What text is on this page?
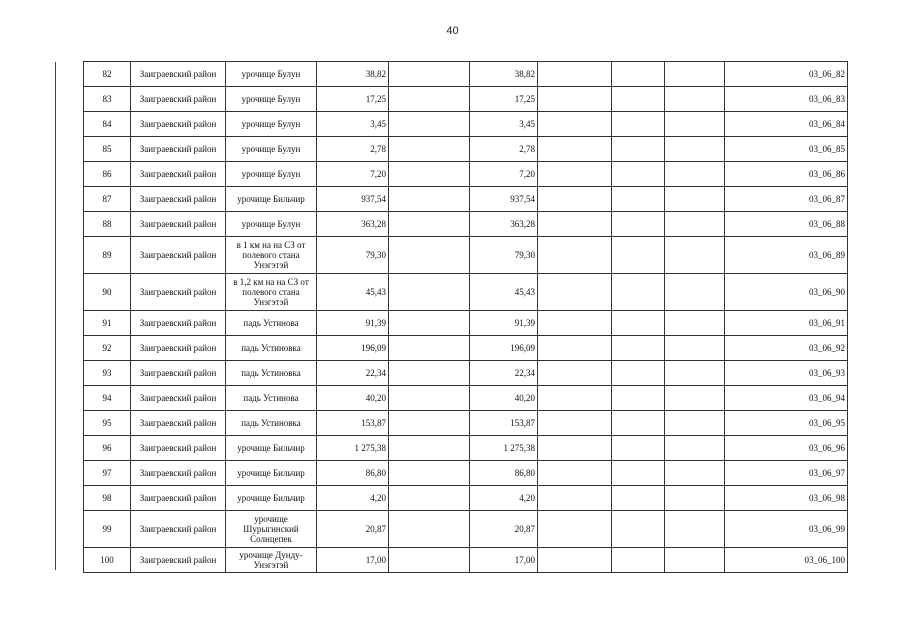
40
82	Заиграевский район	урочище Булун	38,82		38,82				03_06_82
83	Заиграевский район	урочище Булун	17,25		17,25				03_06_83
84	Заиграевский район	урочище Булун	3,45		3,45				03_06_84
85	Заиграевский район	урочище Булун	2,78		2,78				03_06_85
86	Заиграевский район	урочище Булун	7,20		7,20				03_06_86
87	Заиграевский район	урочище Бильчир	937,54		937,54				03_06_87
88	Заиграевский район	урочище Булун	363,28		363,28				03_06_88
89	Заиграевский район	в 1 км на на СЗ от полевого стана Унэгэтэй	79,30		79,30				03_06_89
90	Заиграевский район	в 1,2 км на на СЗ от полевого стана Унэгэтэй	45,43		45,43				03_06_90
91	Заиграевский район	падь Устинова	91,39		91,39				03_06_91
92	Заиграевский район	падь Устиновка	196,09		196,09				03_06_92
93	Заиграевский район	падь Устиновка	22,34		22,34				03_06_93
94	Заиграевский район	падь Устинова	40,20		40,20				03_06_94
95	Заиграевский район	падь Устиновка	153,87		153,87				03_06_95
96	Заиграевский район	урочище Бильчир	1 275,38		1 275,38				03_06_96
97	Заиграевский район	урочище Бильчир	86,80		86,80				03_06_97
98	Заиграевский район	урочище Бильчир	4,20		4,20				03_06_98
99	Заиграевский район	урочище Шурыгинский Солнцепек	20,87		20,87				03_06_99
100	Заиграевский район	урочище Дунду-Унэгэтэй	17,00		17,00				03_06_100
